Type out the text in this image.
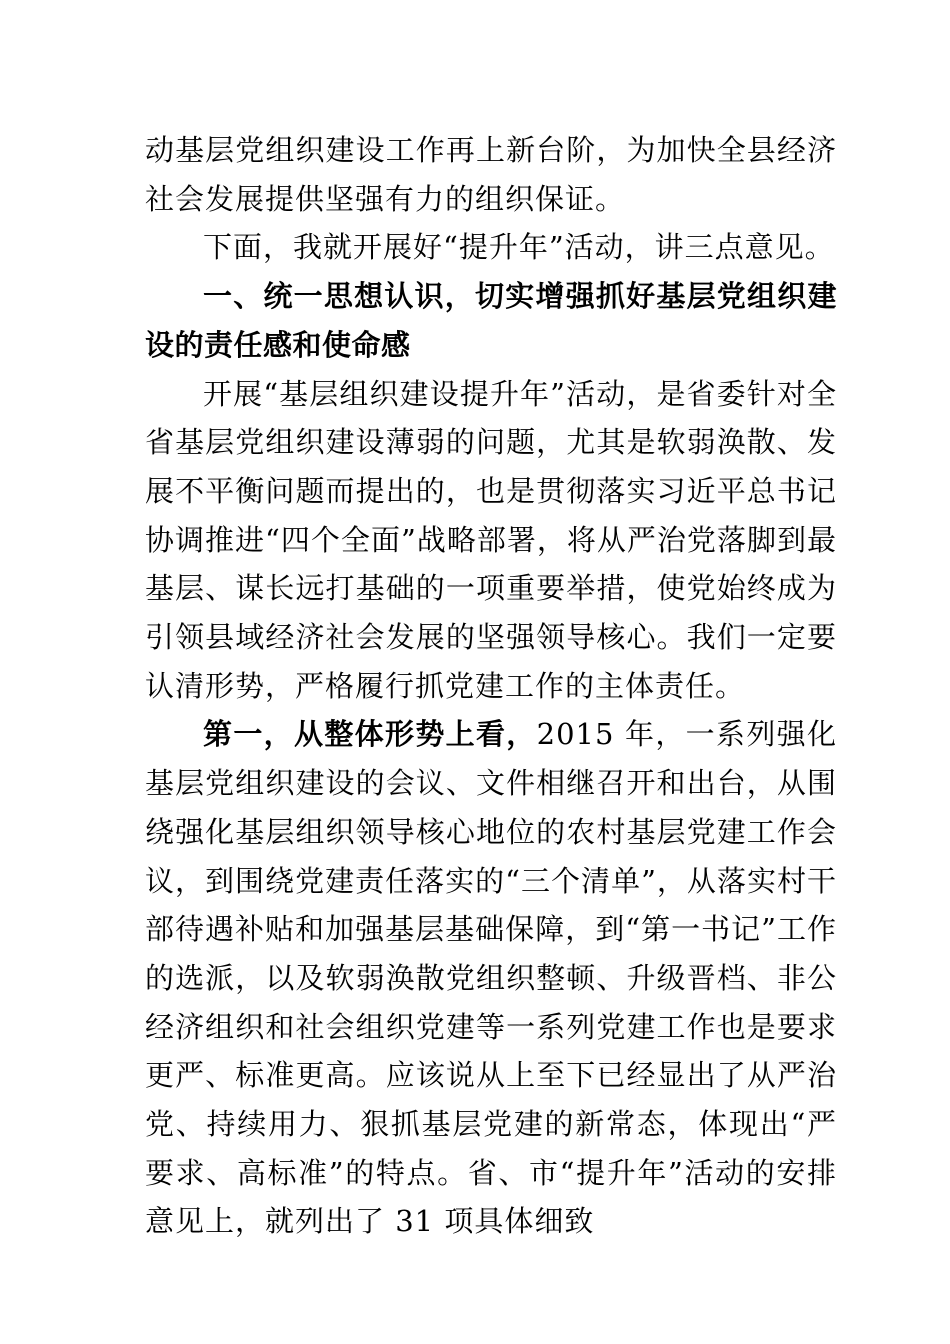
动基层党组织建设工作再上新台阶，为加快全县经济社会发展提供坚强有力的组织保证。

下面，我就开展好“提升年”活动，讲三点意见。

一、统一思想认识，切实增强抓好基层党组织建设的责任感和使命感

开展“基层组织建设提升年”活动，是省委针对全省基层党组织建设薄弱的问题，尤其是软弱涣散、发展不平衡问题而提出的，也是贯彻落实习近平总书记协调推进“四个全面”战略部署，将从严治党落脚到最基层、谋长远打基础的一项重要举措，使党始终成为引领县域经济社会发展的坚强领导核心。我们一定要认清形势，严格履行抓党建工作的主体责任。

第一，从整体形势上看，2015 年，一系列强化基层党组织建设的会议、文件相继召开和出台，从围绕强化基层组织领导核心地位的农村基层党建工作会议，到围绕党建责任落实的“三个清单”，从落实村干部待遇补贴和加强基层基础保障，到“第一书记”工作的选派，以及软弱涣散党组织整顿、升级晋档、非公经济组织和社会组织党建等一系列党建工作也是要求更严、标准更高。应该说从上至下已经显出了从严治党、持续用力、狠抓基层党建的新常态，体现出“严要求、高标准”的特点。省、市“提升年”活动的安排意见上，就列出了 31 项具体细致
